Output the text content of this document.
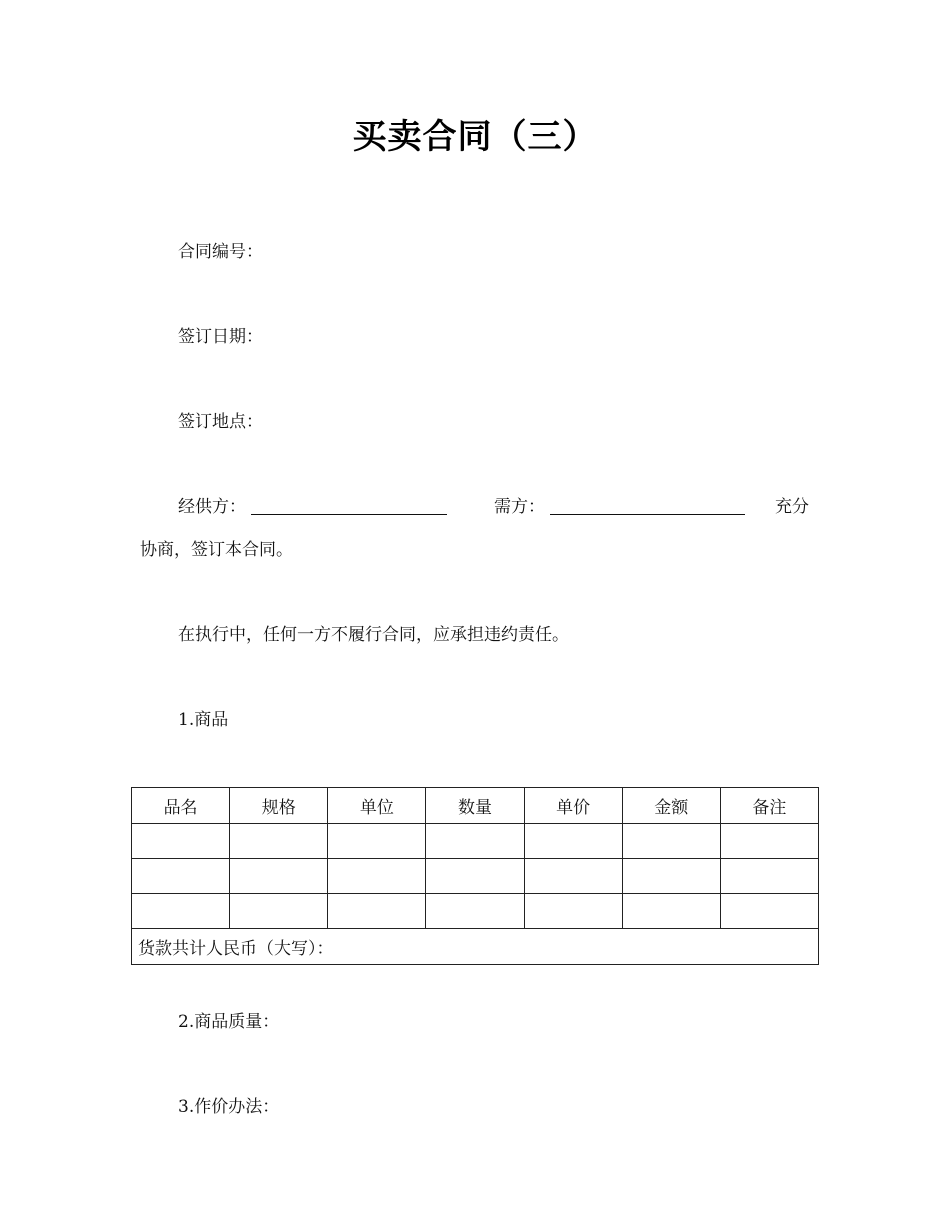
买卖合同（三）
合同编号：
签订日期：
签订地点：
经供方：	需方：	充分
协商，签订本合同。
在执行中，任何一方不履行合同，应承担违约责任。
1.商品
品名	规格	单位	数量	单价	金额	备注

货款共计人民币（大写）：						
2.商品质量：
3.作价办法：
